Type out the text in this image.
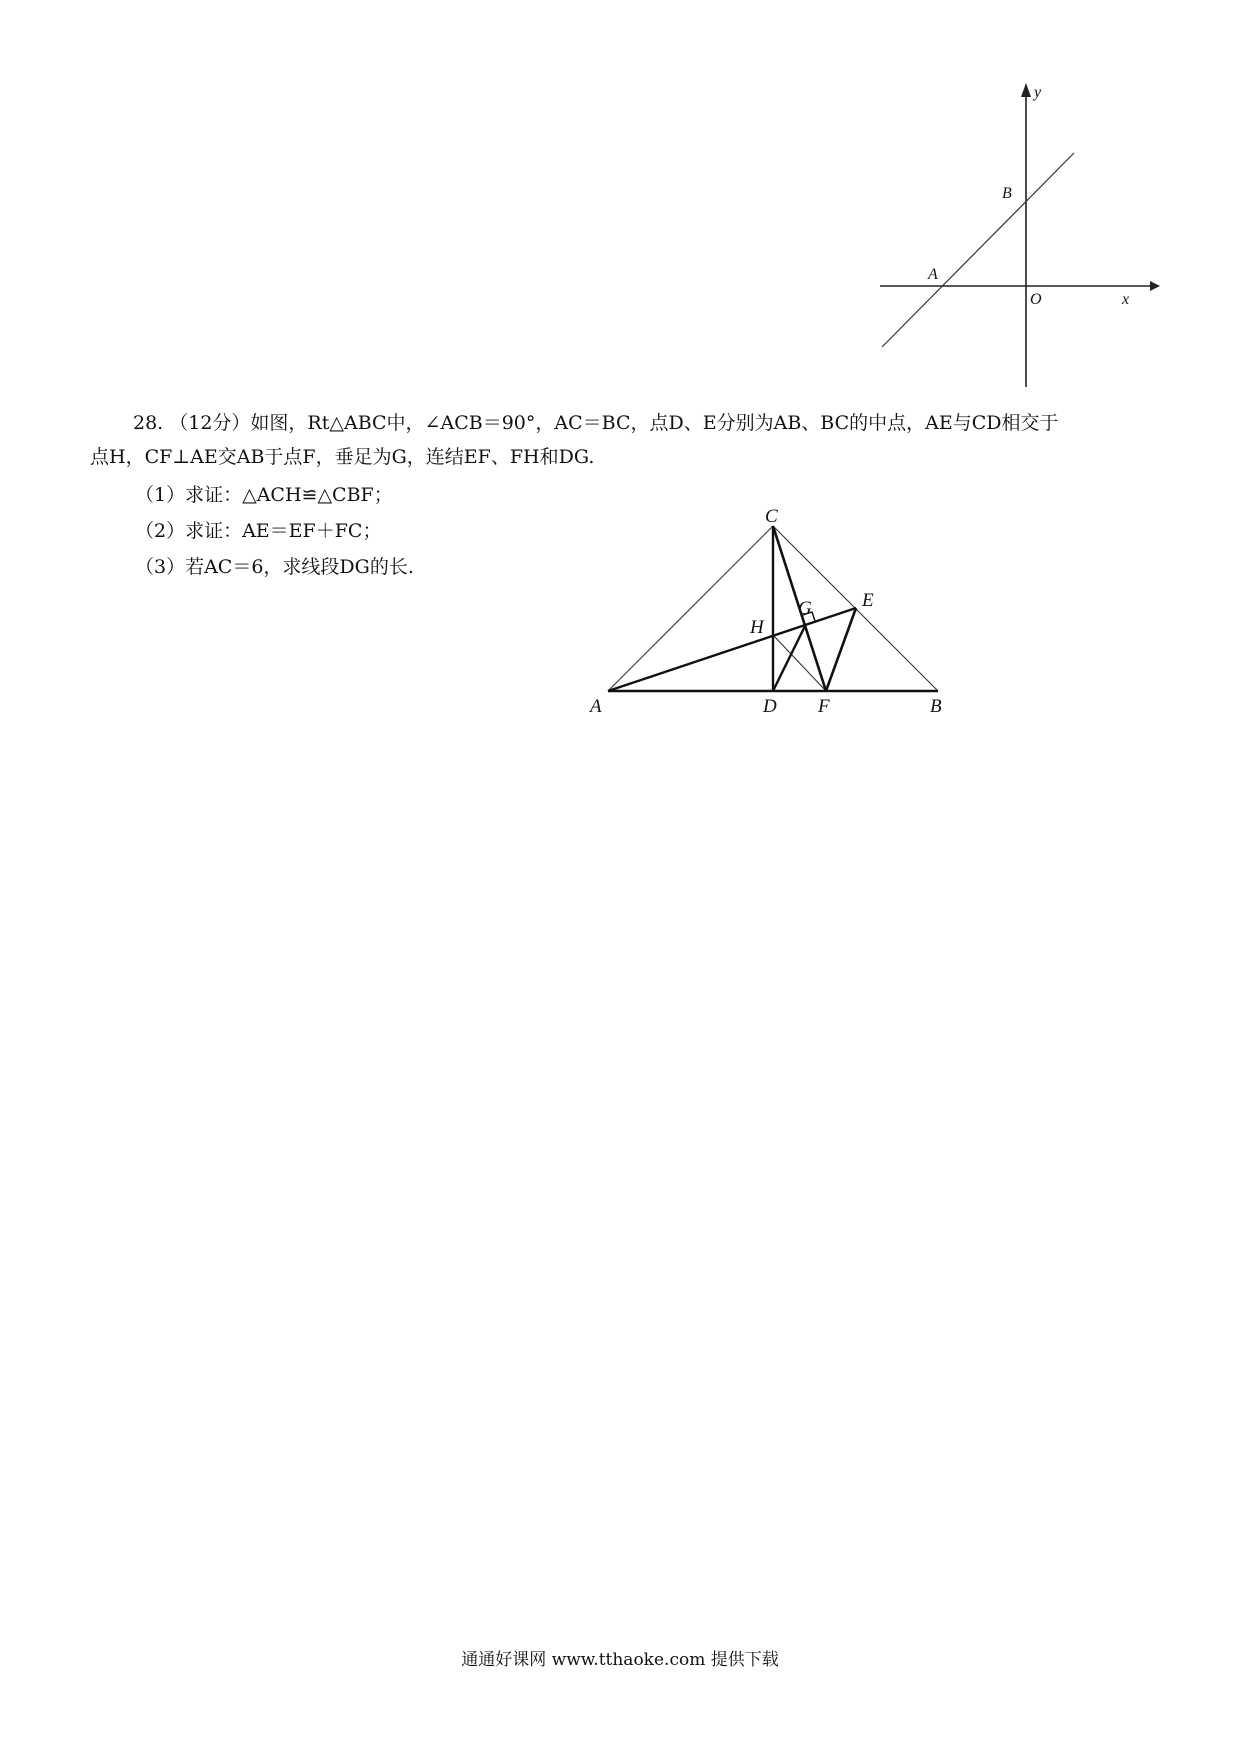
y
x
O
A
B
28. （12分）如图，Rt△ABC中，∠ACB＝90°，AC＝BC，点D、E分别为AB、BC的中点，AE与CD相交于
点H，CF⊥AE交AB于点F，垂足为G，连结EF、FH和DG.
（1）求证：△ACH≌△CBF；
（2）求证：AE＝EF＋FC；
（3）若AC＝6，求线段DG的长.
A	B
C
D
E
F
G
H
通通好课网 www.tthaoke.com 提供下载
